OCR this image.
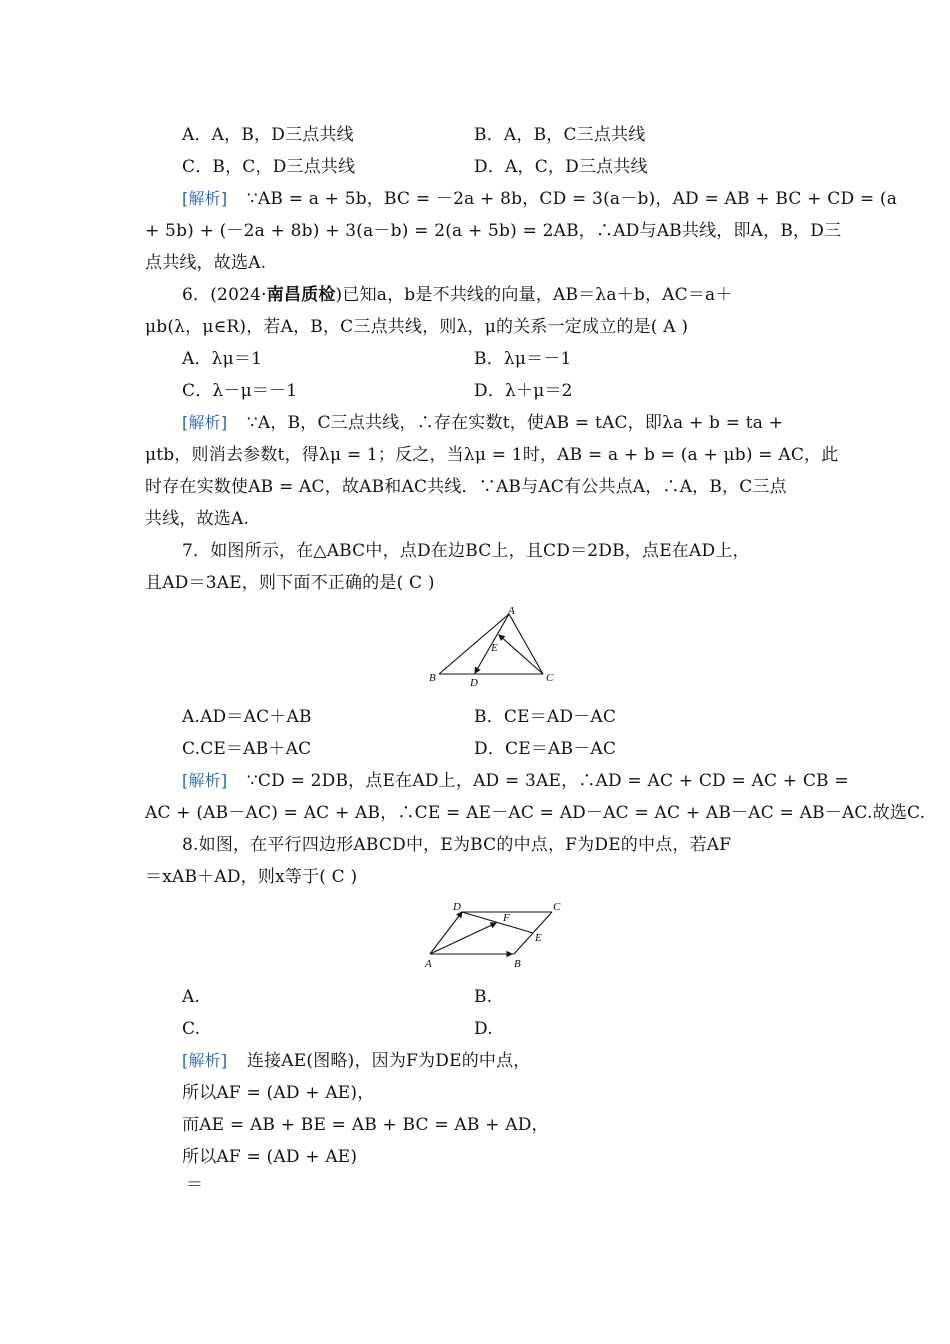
A．A，B，D三点共线	B．A，B，C三点共线
C．B，C，D三点共线	D．A，C，D三点共线
[解析] ∵AB = a + 5b，BC = －2a + 8b，CD = 3(a－b)，AD = AB + BC + CD = (a
+ 5b) + (－2a + 8b) + 3(a－b) = 2(a + 5b) = 2AB，∴AD与AB共线，即A，B，D三
点共线，故选A.
6．(2024·南昌质检)已知a，b是不共线的向量，AB＝λa＋b，AC＝a＋
μb(λ，μ∈R)，若A，B，C三点共线，则λ，μ的关系一定成立的是( A )
A．λμ＝1	B．λμ＝－1
C．λ－μ＝－1	D．λ＋μ＝2
[解析] ∵A，B，C三点共线，∴存在实数t，使AB = tAC，即λa + b = ta +
μtb，则消去参数t，得λμ = 1；反之，当λμ = 1时，AB = a + b = (a + μb) = AC，此
时存在实数使AB = AC，故AB和AC共线．∵AB与AC有公共点A，∴A，B，C三点
共线，故选A.
7．如图所示，在△ABC中，点D在边BC上，且CD＝2DB，点E在AD上，
且AD＝3AE，则下面不正确的是( C )
A
B	C
D
E
A.AD＝AC＋AB	B．CE＝AD－AC
C.CE＝AB＋AC	D．CE＝AB－AC
[解析] ∵CD = 2DB，点E在AD上，AD = 3AE，∴AD = AC + CD = AC + CB =
AC + (AB－AC) = AC + AB，∴CE = AE－AC = AD－AC = AC + AB－AC = AB－AC.故选C.
8.如图，在平行四边形ABCD中，E为BC的中点，F为DE的中点，若AF
＝xAB＋AD，则x等于( C )
D	C
F
E
A	B
A.	B.
C.	D.
[解析] 连接AE(图略)，因为F为DE的中点，
所以AF = (AD + AE)，
而AE = AB + BE = AB + BC = AB + AD，
所以AF = (AD + AE)
＝
